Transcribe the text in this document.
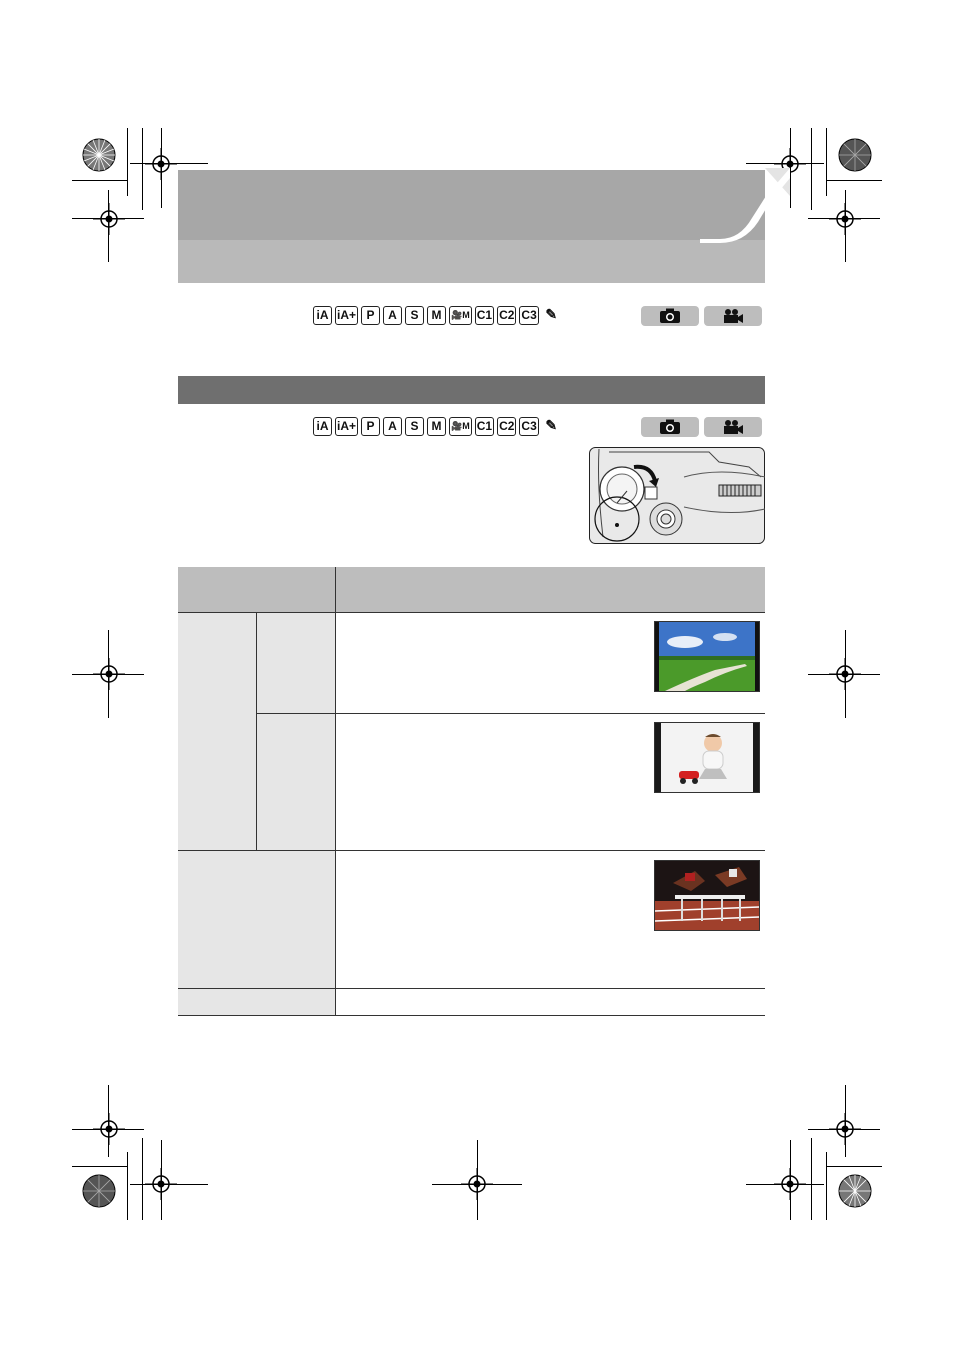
iA iA+ P	A	S	M	🎥M C1 C2 C3 ✎
iA iA+ P	A	S	M	🎥M C1 C2 C3 ✎
